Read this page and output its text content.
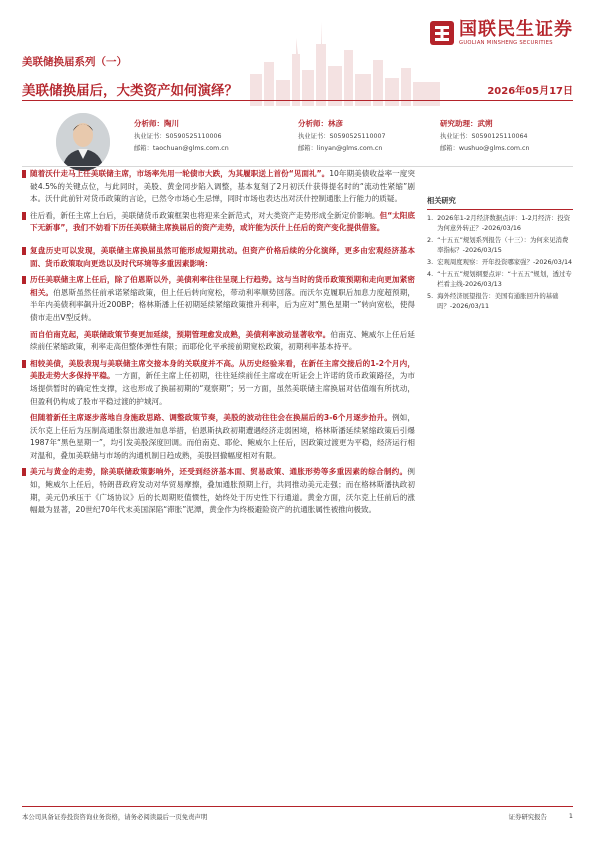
国联民生证券
GUOLIAN MINSHENG SECURITIES
美联储换届系列（一）
美联储换届后，大类资产如何演绎？	2026年05月17日
分析师：陶川
执业证书：S0590525110006
邮箱：taochuan@glms.com.cn
分析师：林彦
执业证书：S0590525110007
邮箱：linyan@glms.com.cn
研究助理：武朔
执业证书：S0590125110064
邮箱：wushuo@glms.com.cn
随着沃什走马上任美联储主席，市场率先用一轮债市大跌，为其履职送上首份“见面礼”。10年期美债收益率一度突破4.5%的关键点位，与此同时，美股、黄金同步陷入调整，基本复刻了2月初沃什获得提名时的“流动性紧缩”剧本。沃什此前针对货币政策的言论，已然令市场心生忌惮，同时市场也表达出对沃什控制通胀上行能力的质疑。
往后看，新任主席上台后，美联储货币政策框架也将迎来全新范式，对大类资产走势形成全新定价影响。但“太阳底下无新事”，我们不妨看下历任美联储主席换届后的资产走势，或许能为沃什上任后的资产变化提供借鉴。
复盘历史可以发现，美联储主席换届虽然可能形成短期扰动。但资产价格后续的分化演绎，更多由宏观经济基本面、货币政策取向更迭以及时代环境等多重因素影响：
历任美联储主席上任后，除了伯恩斯以外，美债利率往往呈现上行趋势。这与当时的货币政策预期和走向更加紧密相关。伯恩斯虽然任前承诺紧缩政策，但上任后转向宽松，带动利率顺势回落。而沃尔克履职后加息力度超预期，半年内美债利率飙升近200BP；格林斯潘上任初期延续紧缩政策推升利率，后为应对“黑色星期一”转向宽松，使得债市走出V型反转。
而自伯南克起，美联储政策节奏更加延续，预期管理愈发成熟，美债利率波动显著收窄。伯南克、鲍威尔上任后延续前任紧缩政策，利率走高但整体弹性有限；而耶伦化平承接前期宽松政策，初期利率基本持平。
相较美债，美股表现与美联储主席交接本身的关联度并不高。从历史经验来看，在新任主席交接后的1-2个月内，美股走势大多保持平稳。一方面，新任主席上任初期，往往延续前任主席或在听证会上许诺的货币政策路径，为市场提供暂时的确定性支撑，这也形成了换届初期的“观察期”；另一方面，虽然美联储主席换届对估值端有所扰动，但盈利仍构成了股市平稳过渡的护城河。
但随着新任主席逐步落地自身施政思路、调整政策节奏，美股的波动往往会在换届后的3-6个月逐步抬升。例如，沃尔克上任后为压制高通胀祭出激进加息举措，伯恩斯执政初期遭遇经济走弱困境，格林斯潘延续紧缩政策后引爆1987年“黑色星期一”，均引发美股深度回调。而伯南克、耶伦、鲍威尔上任后，因政策过渡更为平稳，经济运行相对温和，叠加美联储与市场的沟通机制日趋成熟，美股回撤幅度相对有限。
美元与黄金的走势，除美联储政策影响外，还受到经济基本面、贸易政策、通胀形势等多重因素的综合制约。例如，鲍威尔上任后，特朗普政府发动对华贸易摩擦，叠加通胀预期上行，共同推动美元走强；而在格林斯潘执政初期，美元仍承压于《广场协议》后的长周期贬值惯性，始终处于历史性下行通道。黄金方面，沃尔克上任前后的涨幅最为显著，20世纪70年代末美国深陷“滞胀”泥潭，黄金作为终极避险资产的抗通胀属性被推向极致。
相关研究
1. 2026年1-2月经济数据点评：1-2月经济：投资为何意外转正？-2026/03/16
2. “十五五”规划系列报告（十三）：为何来见消费率指标？-2026/03/15
3. 宏观周度观察：开年投资哪家强？-2026/03/14
4. “十五五”规划纲要点评：“十五五”规划，透过专栏看主线-2026/03/13
5. 海外经济展望报告：美国有通胀回升的基础吗？-2026/03/11
本公司具备证券投资咨询业务资格，请务必阅读最后一页免责声明	证券研究报告	1
